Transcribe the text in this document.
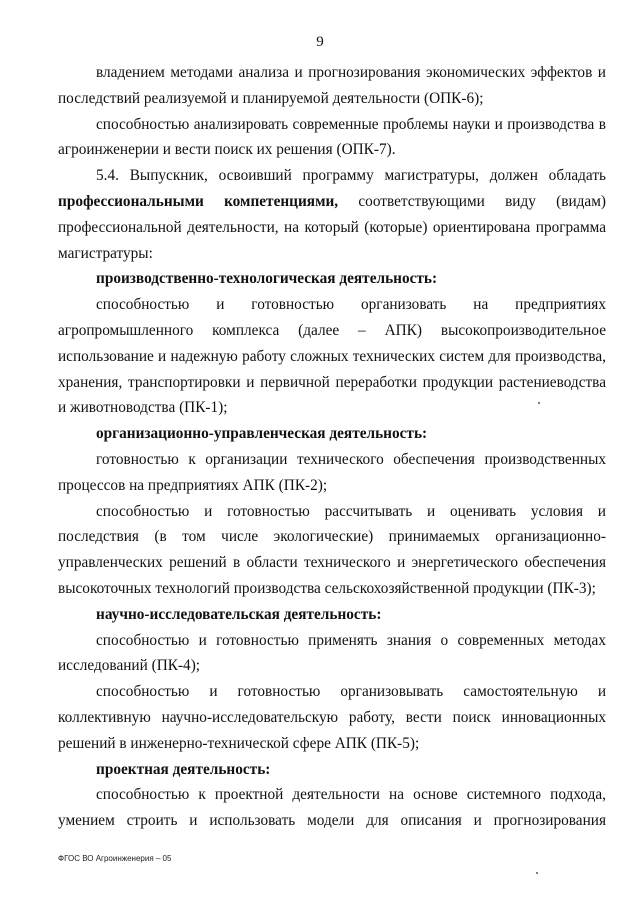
9

владением методами анализа и прогнозирования экономических эффектов и последствий реализуемой и планируемой деятельности (ОПК-6);

способностью анализировать современные проблемы науки и производства в агроинженерии и вести поиск их решения (ОПК-7).

5.4. Выпускник, освоивший программу магистратуры, должен обладать профессиональными компетенциями, соответствующими виду (видам) профессиональной деятельности, на который (которые) ориентирована программа магистратуры:

производственно-технологическая деятельность:

способностью и готовностью организовать на предприятиях агропромышленного комплекса (далее – АПК) высокопроизводительное использование и надежную работу сложных технических систем для производства, хранения, транспортировки и первичной переработки продукции растениеводства и животноводства (ПК-1);

организационно-управленческая деятельность:

готовностью к организации технического обеспечения производственных процессов на предприятиях АПК (ПК-2);

способностью и готовностью рассчитывать и оценивать условия и последствия (в том числе экологические) принимаемых организационно-управленческих решений в области технического и энергетического обеспечения высокоточных технологий производства сельскохозяйственной продукции (ПК-3);

научно-исследовательская деятельность:

способностью и готовностью применять знания о современных методах исследований (ПК-4);

способностью и готовностью организовывать самостоятельную и коллективную научно-исследовательскую работу, вести поиск инновационных решений в инженерно-технической сфере АПК (ПК-5);

проектная деятельность:

способностью к проектной деятельности на основе системного подхода, умением строить и использовать модели для описания и прогнозирования

ФГОС ВО Агроинженерия – 05
